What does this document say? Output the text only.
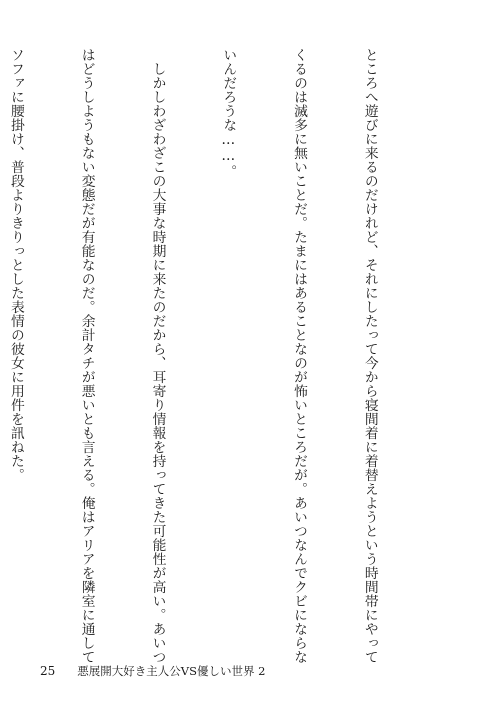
ところへ遊びに来るのだけれど、それにしたって今から寝間着に着替えようという時間帯にやって

くるのは滅多に無いことだ。たまにはあることなのが怖いところだが。あいつなんでクビにならな

いんだろうな……。

　しかしわざわざこの大事な時期に来たのだから、耳寄り情報を持ってきた可能性が高い。あいつ

はどうしようもない変態だが有能なのだ。余計タチが悪いとも言える。俺はアリアを隣室に通して

ソファに腰掛け、普段よりきりっとした表情の彼女に用件を訊ねた。

25 悪展開大好き主人公VS優しい世界 2
